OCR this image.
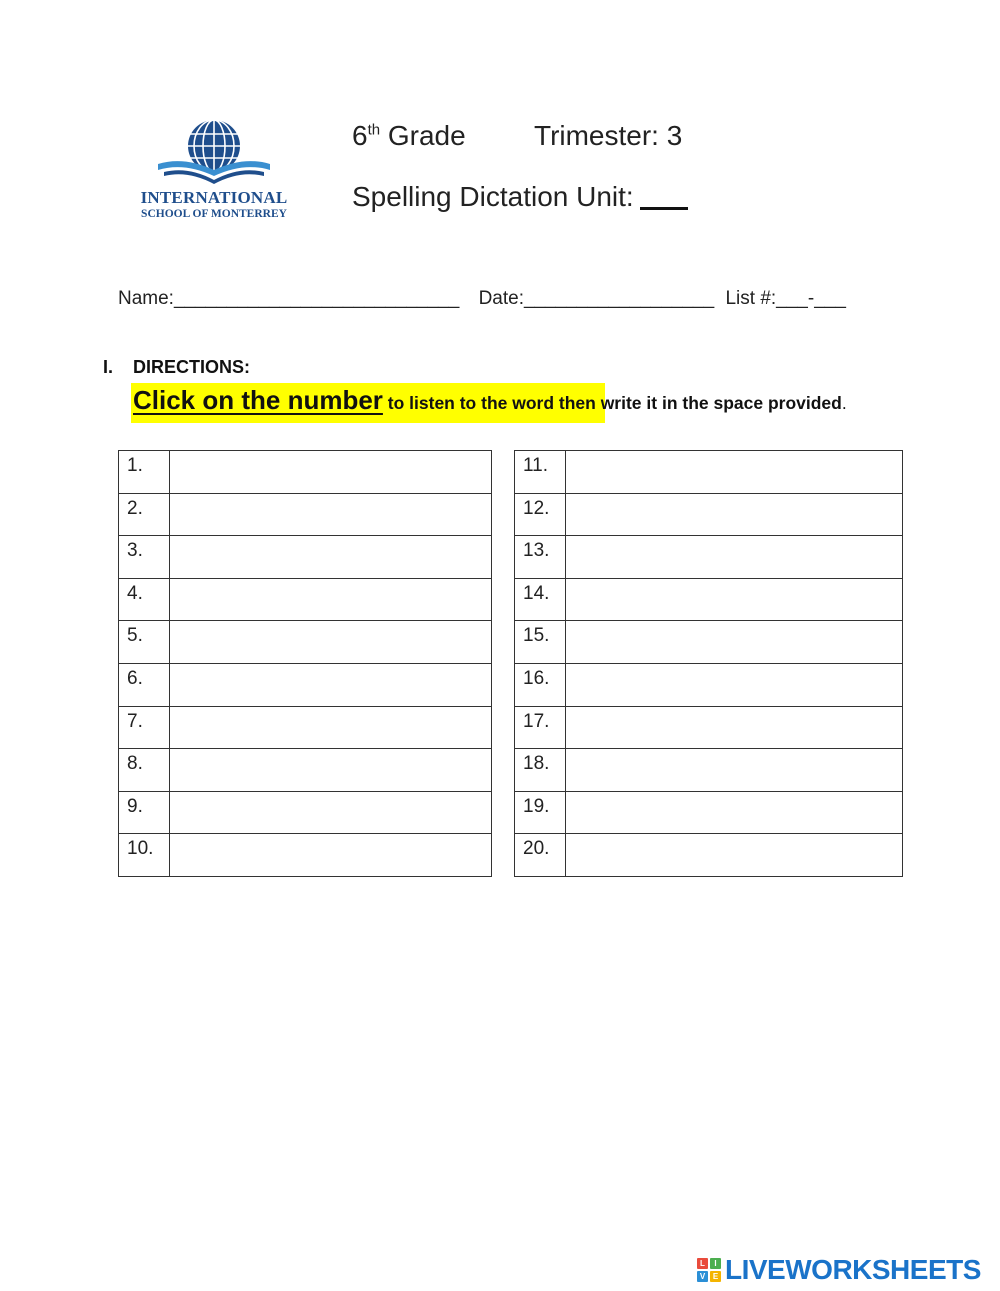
INTERNATIONAL
SCHOOL OF MONTERREY
6th Grade Trimester: 3
Spelling Dictation Unit:
Name:___________________________ Date:__________________ List #:___-___
I. DIRECTIONS:
Click on the number to listen to the word then write it in the space provided.
1.	
2.	
3.	
4.	
5.	
6.	
7.	
8.	
9.	
10.	
11.	
12.	
13.	
14.	
15.	
16.	
17.	
18.	
19.	
20.	
L	I
V E LIVEWORKSHEETS
